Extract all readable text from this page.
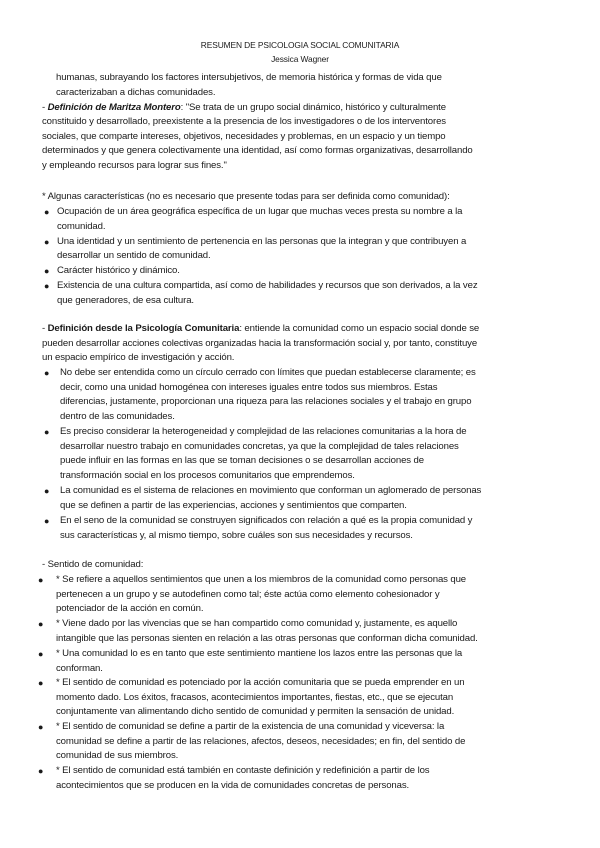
RESUMEN DE PSICOLOGIA SOCIAL COMUNITARIA
Jessica Wagner
humanas, subrayando los factores intersubjetivos, de memoria histórica y formas de vida que
caracterizaban a dichas comunidades.
- Definición de Maritza Montero: "Se trata de un grupo social dinámico, histórico y culturalmente
constituido y desarrollado, preexistente a la presencia de los investigadores o de los interventores
sociales, que comparte intereses, objetivos, necesidades y problemas, en un espacio y un tiempo
determinados y que genera colectivamente una identidad, así como formas organizativas, desarrollando
y empleando recursos para lograr sus fines."
* Algunas características (no es necesario que presente todas para ser definida como comunidad):
● Ocupación de un área geográfica específica de un lugar que muchas veces presta su nombre a la
comunidad.
● Una identidad y un sentimiento de pertenencia en las personas que la integran y que contribuyen a
desarrollar un sentido de comunidad.
● Carácter histórico y dinámico.
● Existencia de una cultura compartida, así como de habilidades y recursos que son derivados, a la vez
que generadores, de esa cultura.
- Definición desde la Psicología Comunitaria: entiende la comunidad como un espacio social donde se
pueden desarrollar acciones colectivas organizadas hacia la transformación social y, por tanto, constituye
un espacio empírico de investigación y acción.
● No debe ser entendida como un círculo cerrado con límites que puedan establecerse claramente; es
decir, como una unidad homogénea con intereses iguales entre todos sus miembros. Estas
diferencias, justamente, proporcionan una riqueza para las relaciones sociales y el trabajo en grupo
dentro de las comunidades.
● Es preciso considerar la heterogeneidad y complejidad de las relaciones comunitarias a la hora de
desarrollar nuestro trabajo en comunidades concretas, ya que la complejidad de tales relaciones
puede influir en las formas en las que se toman decisiones o se desarrollan acciones de
transformación social en los procesos comunitarios que emprendemos.
● La comunidad es el sistema de relaciones en movimiento que conforman un aglomerado de personas
que se definen a partir de las experiencias, acciones y sentimientos que comparten.
● En el seno de la comunidad se construyen significados con relación a qué es la propia comunidad y
sus características y, al mismo tiempo, sobre cuáles son sus necesidades y recursos.
- Sentido de comunidad:
● * Se refiere a aquellos sentimientos que unen a los miembros de la comunidad como personas que
pertenecen a un grupo y se autodefinen como tal; éste actúa como elemento cohesionador y
potenciador de la acción en común.
● * Viene dado por las vivencias que se han compartido como comunidad y, justamente, es aquello
intangible que las personas sienten en relación a las otras personas que conforman dicha comunidad.
● * Una comunidad lo es en tanto que este sentimiento mantiene los lazos entre las personas que la
conforman.
● * El sentido de comunidad es potenciado por la acción comunitaria que se pueda emprender en un
momento dado. Los éxitos, fracasos, acontecimientos importantes, fiestas, etc., que se ejecutan
conjuntamente van alimentando dicho sentido de comunidad y permiten la sensación de unidad.
● * El sentido de comunidad se define a partir de la existencia de una comunidad y viceversa: la
comunidad se define a partir de las relaciones, afectos, deseos, necesidades; en fin, del sentido de
comunidad de sus miembros.
● * El sentido de comunidad está también en contaste definición y redefinición a partir de los
acontecimientos que se producen en la vida de comunidades concretas de personas.
